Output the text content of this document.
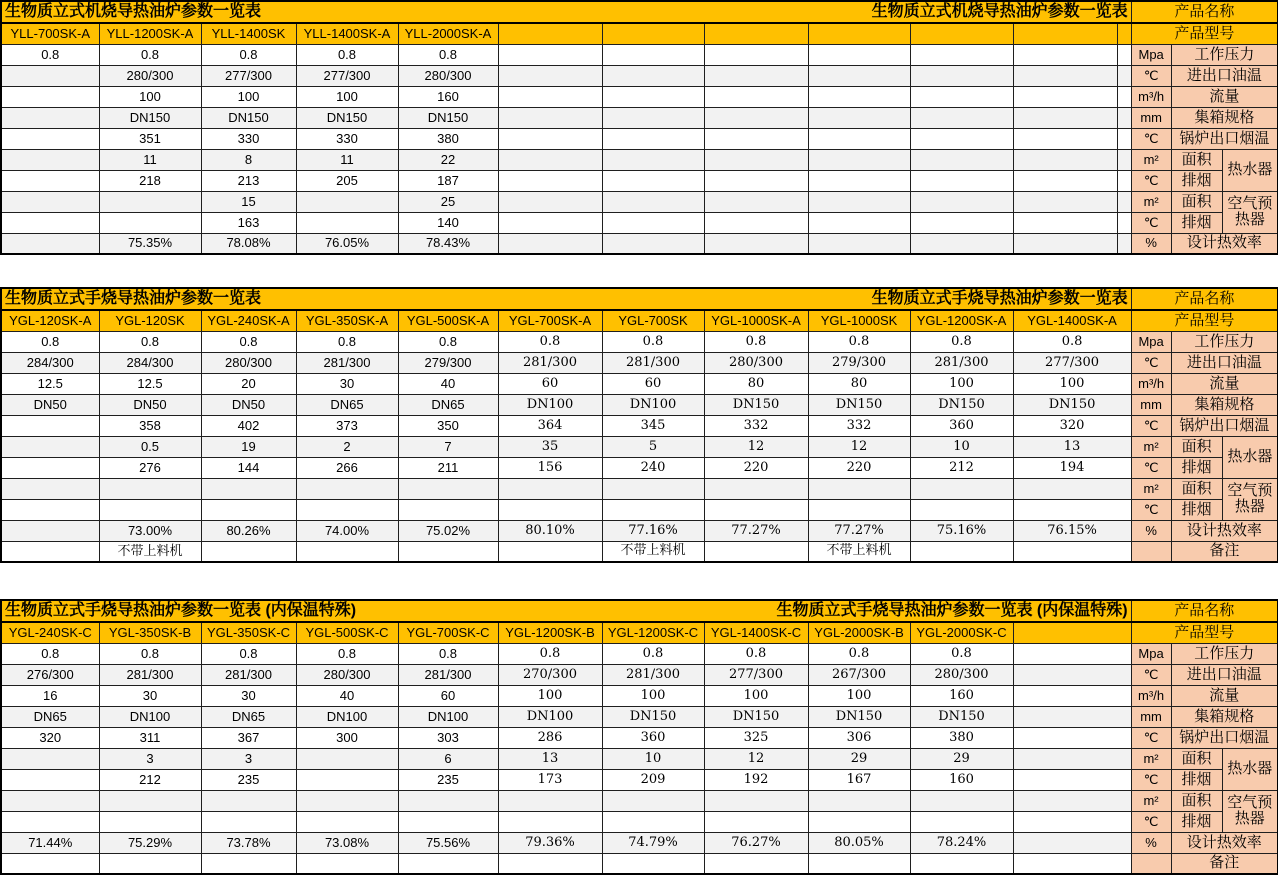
生物质立式机烧导热油炉参数一览表 生物质立式机烧导热油炉参数一览表												产品名称		
YLL-700SK-A	YLL-1200SK-A	YLL-1400SK	YLL-1400SK-A	YLL-2000SK-A								产品型号		
0.8	0.8	0.8	0.8	0.8								Mpa	工作压力	
	280/300	277/300	277/300	280/300								℃	进出口油温	
	100	100	100	160								m³/h	流量	
	DN150	DN150	DN150	DN150								mm	集箱规格	
	351	330	330	380								℃	锅炉出口烟温	
	11	8	11	22								m²	面积	热水器
	218	213	205	187								℃	排烟	
		15		25								m²	面积	空气预热器
		163		140								℃	排烟	
	75.35%	78.08%	76.05%	78.43%								%	设计热效率	
生物质立式手烧导热油炉参数一览表 生物质立式手烧导热油炉参数一览表											产品名称		
YGL-120SK-A	YGL-120SK	YGL-240SK-A	YGL-350SK-A	YGL-500SK-A	YGL-700SK-A	YGL-700SK	YGL-1000SK-A	YGL-1000SK	YGL-1200SK-A	YGL-1400SK-A	产品型号		
0.8	0.8	0.8	0.8	0.8	0.8	0.8	0.8	0.8	0.8	0.8	Mpa	工作压力	
284/300	284/300	280/300	281/300	279/300	281/300	281/300	280/300	279/300	281/300	277/300	℃	进出口油温	
12.5	12.5	20	30	40	60	60	80	80	100	100	m³/h	流量	
DN50	DN50	DN50	DN65	DN65	DN100	DN100	DN150	DN150	DN150	DN150	mm	集箱规格	
	358	402	373	350	364	345	332	332	360	320	℃	锅炉出口烟温	
	0.5	19	2	7	35	5	12	12	10	13	m²	面积	热水器
	276	144	266	211	156	240	220	220	212	194	℃	排烟	
											m²	面积	空气预热器
											℃	排烟	
	73.00%	80.26%	74.00%	75.02%	80.10%	77.16%	77.27%	77.27%	75.16%	76.15%	%	设计热效率	
	不带上料机					不带上料机		不带上料机				备注	
生物质立式手烧导热油炉参数一览表 (内保温特殊) 生物质立式手烧导热油炉参数一览表 (内保温特殊)											产品名称		
YGL-240SK-C	YGL-350SK-B	YGL-350SK-C	YGL-500SK-C	YGL-700SK-C	YGL-1200SK-B	YGL-1200SK-C	YGL-1400SK-C	YGL-2000SK-B	YGL-2000SK-C		产品型号		
0.8	0.8	0.8	0.8	0.8	0.8	0.8	0.8	0.8	0.8		Mpa	工作压力	
276/300	281/300	281/300	280/300	281/300	270/300	281/300	277/300	267/300	280/300		℃	进出口油温	
16	30	30	40	60	100	100	100	100	160		m³/h	流量	
DN65	DN100	DN65	DN100	DN100	DN100	DN150	DN150	DN150	DN150		mm	集箱规格	
320	311	367	300	303	286	360	325	306	380		℃	锅炉出口烟温	
	3	3		6	13	10	12	29	29		m²	面积	热水器
	212	235		235	173	209	192	167	160		℃	排烟	
											m²	面积	空气预热器
											℃	排烟	
71.44%	75.29%	73.78%	73.08%	75.56%	79.36%	74.79%	76.27%	80.05%	78.24%		%	设计热效率	
												备注	
